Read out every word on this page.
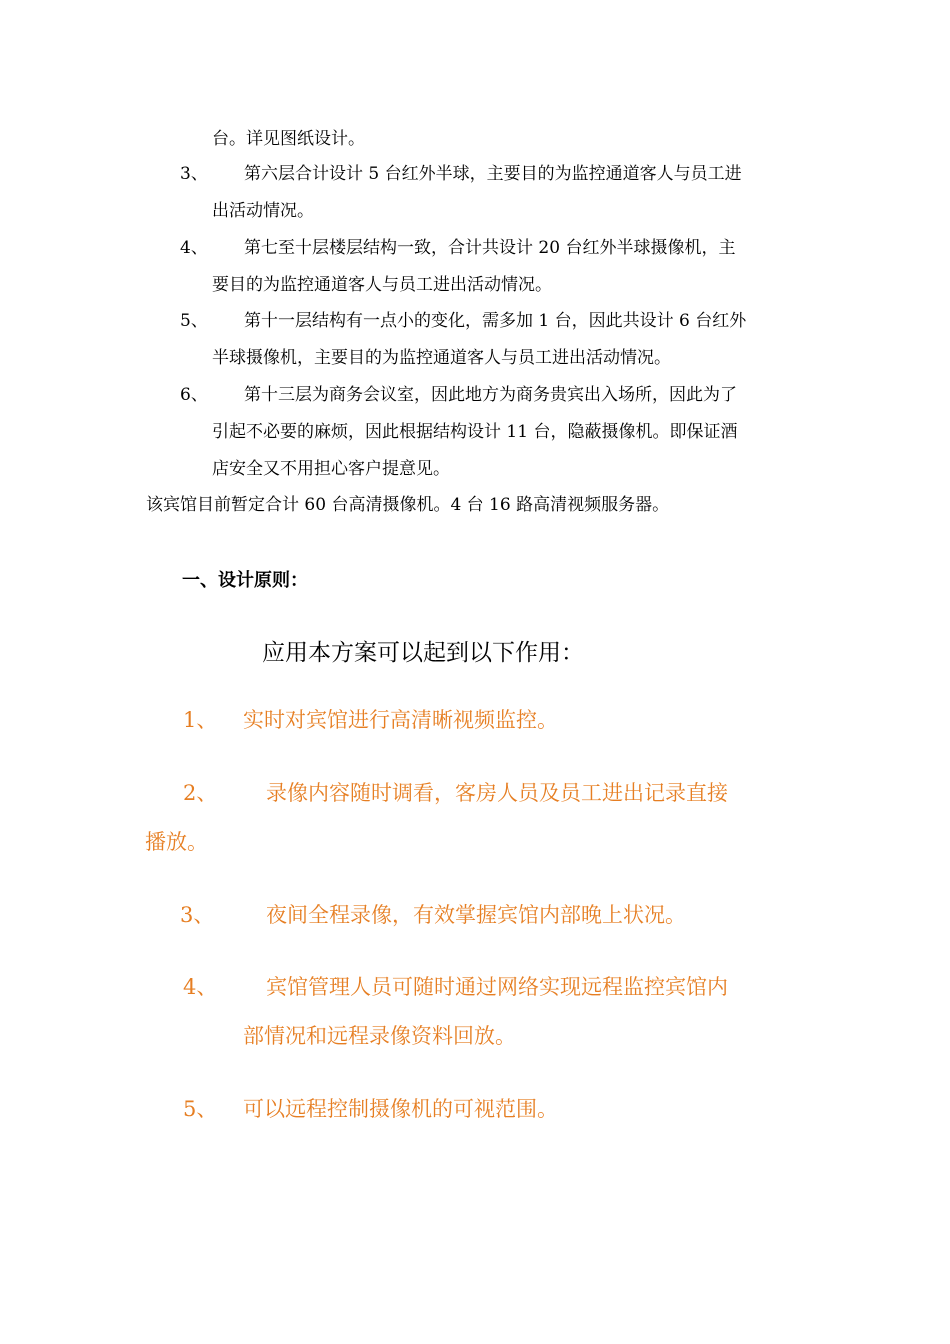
台。详见图纸设计。
3、 第六层合计设计 5 台红外半球，主要目的为监控通道客人与员工进
出活动情况。
4、 第七至十层楼层结构一致，合计共设计 20 台红外半球摄像机，主
要目的为监控通道客人与员工进出活动情况。
5、 第十一层结构有一点小的变化，需多加 1 台，因此共设计 6 台红外
半球摄像机，主要目的为监控通道客人与员工进出活动情况。
6、 第十三层为商务会议室，因此地方为商务贵宾出入场所，因此为了
引起不必要的麻烦，因此根据结构设计 11 台，隐蔽摄像机。即保证酒
店安全又不用担心客户提意见。
该宾馆目前暂定合计 60 台高清摄像机。4 台 16 路高清视频服务器。
一、设计原则：
应用本方案可以起到以下作用：
1、 实时对宾馆进行高清晰视频监控。
2、 录像内容随时调看，客房人员及员工进出记录直接
播放。
3、 夜间全程录像，有效掌握宾馆内部晚上状况。
4、 宾馆管理人员可随时通过网络实现远程监控宾馆内
部情况和远程录像资料回放。
5、 可以远程控制摄像机的可视范围。
